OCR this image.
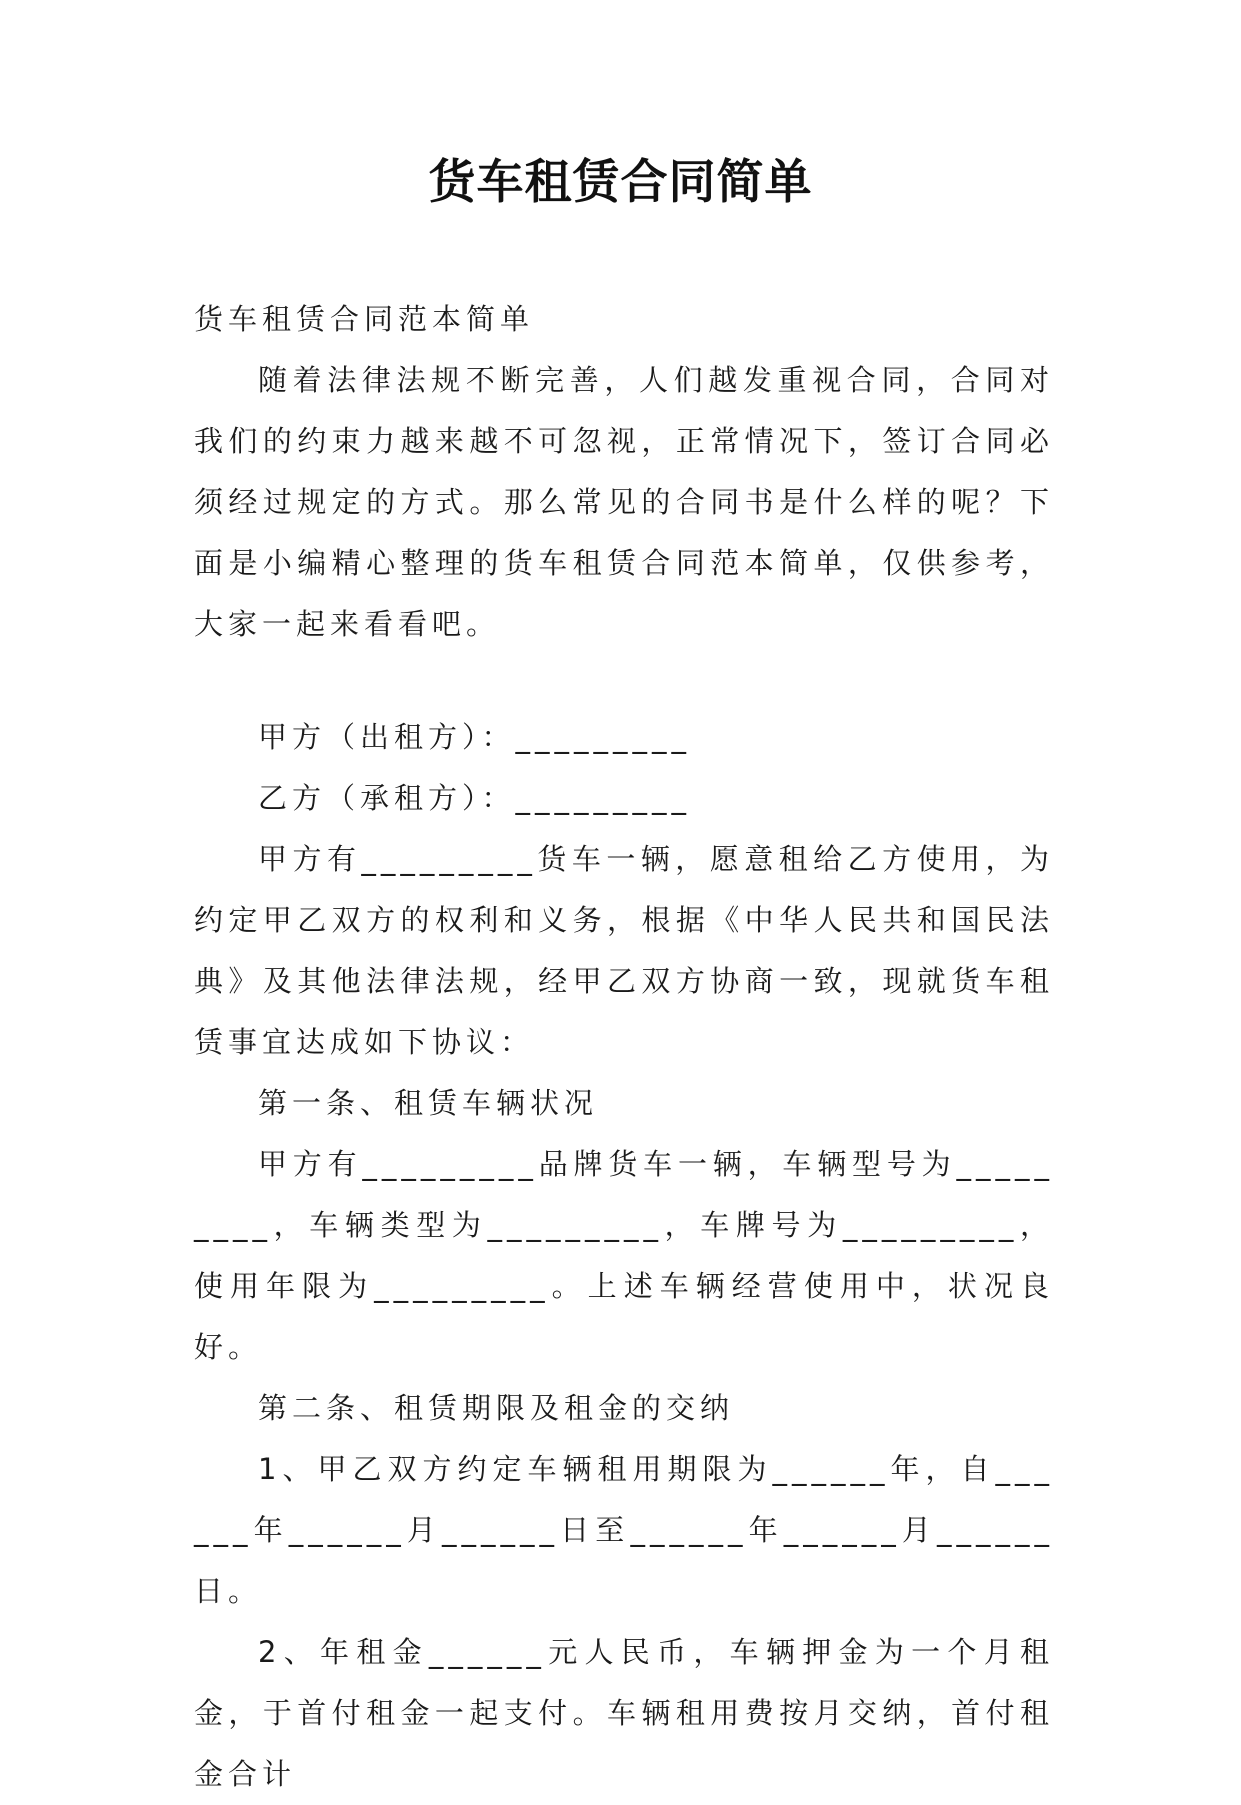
货车租赁合同简单

货车租赁合同范本简单

随着法律法规不断完善，人们越发重视合同，合同对我们的约束力越来越不可忽视，正常情况下，签订合同必须经过规定的方式。那么常见的合同书是什么样的呢？下面是小编精心整理的货车租赁合同范本简单，仅供参考，大家一起来看看吧。

甲方（出租方）：_________

乙方（承租方）：_________

甲方有_________货车一辆，愿意租给乙方使用，为约定甲乙双方的权利和义务，根据《中华人民共和国民法典》及其他法律法规，经甲乙双方协商一致，现就货车租赁事宜达成如下协议：

第一条、租赁车辆状况

甲方有_________品牌货车一辆，车辆型号为_________，车辆类型为_________，车牌号为_________，使用年限为_________。上述车辆经营使用中，状况良好。

第二条、租赁期限及租金的交纳

1、甲乙双方约定车辆租用期限为______年，自______年______月______日至______年______月______日。

2、年租金______元人民币，车辆押金为一个月租金，于首付租金一起支付。车辆租用费按月交纳，首付租金合计
